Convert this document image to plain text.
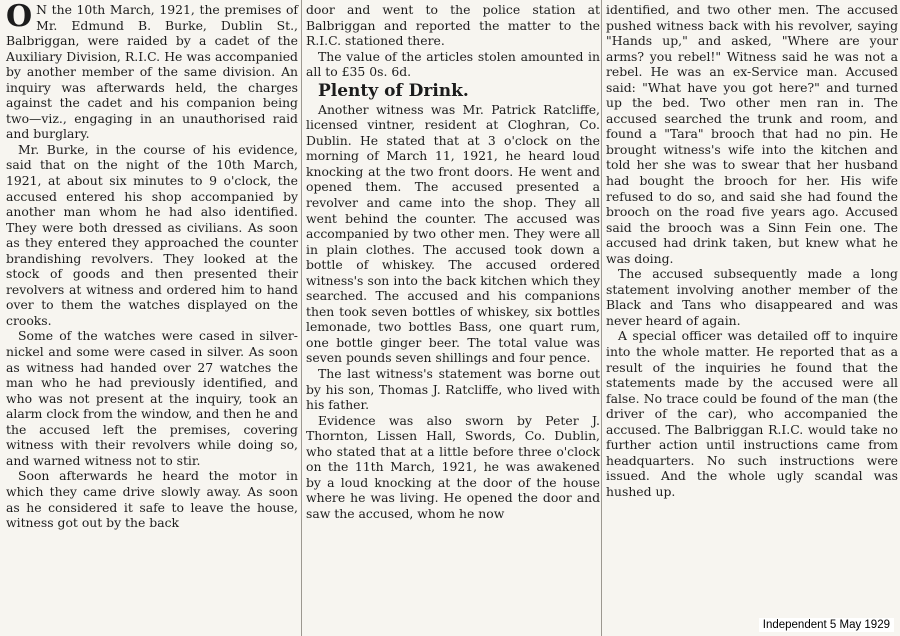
O N the 10th March, 1921, the premises of Mr. Edmund B. Burke, Dublin St., Balbriggan, were raided by a cadet of the Auxiliary Division, R.I.C. He was accompanied by another member of the same division. An inquiry was afterwards held, the charges against the cadet and his companion being two—viz., engaging in an unauthorised raid and burglary.

Mr. Burke, in the course of his evidence, said that on the night of the 10th March, 1921, at about six minutes to 9 o'clock, the accused entered his shop accompanied by another man whom he had also identified. They were both dressed as civilians. As soon as they entered they approached the counter brandishing revolvers. They looked at the stock of goods and then presented their revolvers at witness and ordered him to hand over to them the watches displayed on the crooks.

Some of the watches were cased in silver-nickel and some were cased in silver. As soon as witness had handed over 27 watches the man who he had previously identified, and who was not present at the inquiry, took an alarm clock from the window, and then he and the accused left the premises, covering witness with their revolvers while doing so, and warned witness not to stir.

Soon afterwards he heard the motor in which they came drive slowly away. As soon as he considered it safe to leave the house, witness got out by the back

door and went to the police station at Balbriggan and reported the matter to the R.I.C. stationed there.

The value of the articles stolen amounted in all to £35 0s. 6d.

Plenty of Drink.

Another witness was Mr. Patrick Ratcliffe, licensed vintner, resident at Cloghran, Co. Dublin. He stated that at 3 o'clock on the morning of March 11, 1921, he heard loud knocking at the two front doors. He went and opened them. The accused presented a revolver and came into the shop. They all went behind the counter. The accused was accompanied by two other men. They were all in plain clothes. The accused took down a bottle of whiskey. The accused ordered witness's son into the back kitchen which they searched. The accused and his companions then took seven bottles of whiskey, six bottles lemonade, two bottles Bass, one quart rum, one bottle ginger beer. The total value was seven pounds seven shillings and four pence.

The last witness's statement was borne out by his son, Thomas J. Ratcliffe, who lived with his father.

Evidence was also sworn by Peter J. Thornton, Lissen Hall, Swords, Co. Dublin, who stated that at a little before three o'clock on the 11th March, 1921, he was awakened by a loud knocking at the door of the house where he was living. He opened the door and saw the accused, whom he now

identified, and two other men. The accused pushed witness back with his revolver, saying "Hands up," and asked, "Where are your arms? you rebel!" Witness said he was not a rebel. He was an ex-Service man. Accused said: "What have you got here?" and turned up the bed. Two other men ran in. The accused searched the trunk and room, and found a "Tara" brooch that had no pin. He brought witness's wife into the kitchen and told her she was to swear that her husband had bought the brooch for her. His wife refused to do so, and said she had found the brooch on the road five years ago. Accused said the brooch was a Sinn Fein one. The accused had drink taken, but knew what he was doing.

The accused subsequently made a long statement involving another member of the Black and Tans who disappeared and was never heard of again.

A special officer was detailed off to inquire into the whole matter. He reported that as a result of the inquiries he found that the statements made by the accused were all false. No trace could be found of the man (the driver of the car), who accompanied the accused. The Balbriggan R.I.C. would take no further action until instructions came from headquarters. No such instructions were issued. And the whole ugly scandal was hushed up.

Independent 5 May 1929
